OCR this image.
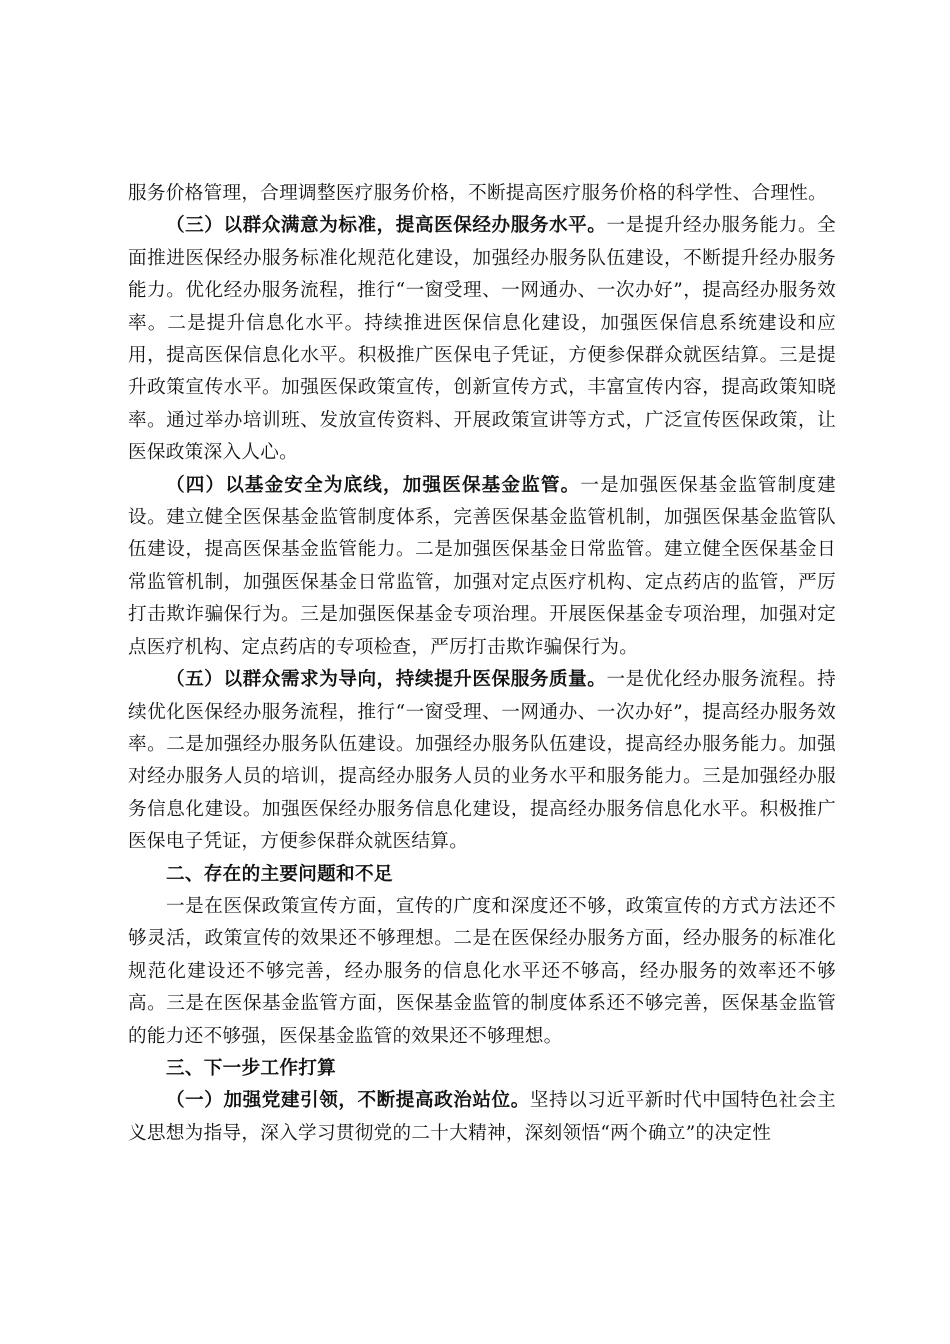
服务价格管理，合理调整医疗服务价格，不断提高医疗服务价格的科学性、合理性。

（三）以群众满意为标准，提高医保经办服务水平。一是提升经办服务能力。全面推进医保经办服务标准化规范化建设，加强经办服务队伍建设，不断提升经办服务能力。优化经办服务流程，推行“一窗受理、一网通办、一次办好”，提高经办服务效率。二是提升信息化水平。持续推进医保信息化建设，加强医保信息系统建设和应用，提高医保信息化水平。积极推广医保电子凭证，方便参保群众就医结算。三是提升政策宣传水平。加强医保政策宣传，创新宣传方式，丰富宣传内容，提高政策知晓率。通过举办培训班、发放宣传资料、开展政策宣讲等方式，广泛宣传医保政策，让医保政策深入人心。

（四）以基金安全为底线，加强医保基金监管。一是加强医保基金监管制度建设。建立健全医保基金监管制度体系，完善医保基金监管机制，加强医保基金监管队伍建设，提高医保基金监管能力。二是加强医保基金日常监管。建立健全医保基金日常监管机制，加强医保基金日常监管，加强对定点医疗机构、定点药店的监管，严厉打击欺诈骗保行为。三是加强医保基金专项治理。开展医保基金专项治理，加强对定点医疗机构、定点药店的专项检查，严厉打击欺诈骗保行为。

（五）以群众需求为导向，持续提升医保服务质量。一是优化经办服务流程。持续优化医保经办服务流程，推行“一窗受理、一网通办、一次办好”，提高经办服务效率。二是加强经办服务队伍建设。加强经办服务队伍建设，提高经办服务能力。加强对经办服务人员的培训，提高经办服务人员的业务水平和服务能力。三是加强经办服务信息化建设。加强医保经办服务信息化建设，提高经办服务信息化水平。积极推广医保电子凭证，方便参保群众就医结算。

二、存在的主要问题和不足

一是在医保政策宣传方面，宣传的广度和深度还不够，政策宣传的方式方法还不够灵活，政策宣传的效果还不够理想。二是在医保经办服务方面，经办服务的标准化规范化建设还不够完善，经办服务的信息化水平还不够高，经办服务的效率还不够高。三是在医保基金监管方面，医保基金监管的制度体系还不够完善，医保基金监管的能力还不够强，医保基金监管的效果还不够理想。

三、下一步工作打算

（一）加强党建引领，不断提高政治站位。坚持以习近平新时代中国特色社会主义思想为指导，深入学习贯彻党的二十大精神，深刻领悟“两个确立”的决定性
